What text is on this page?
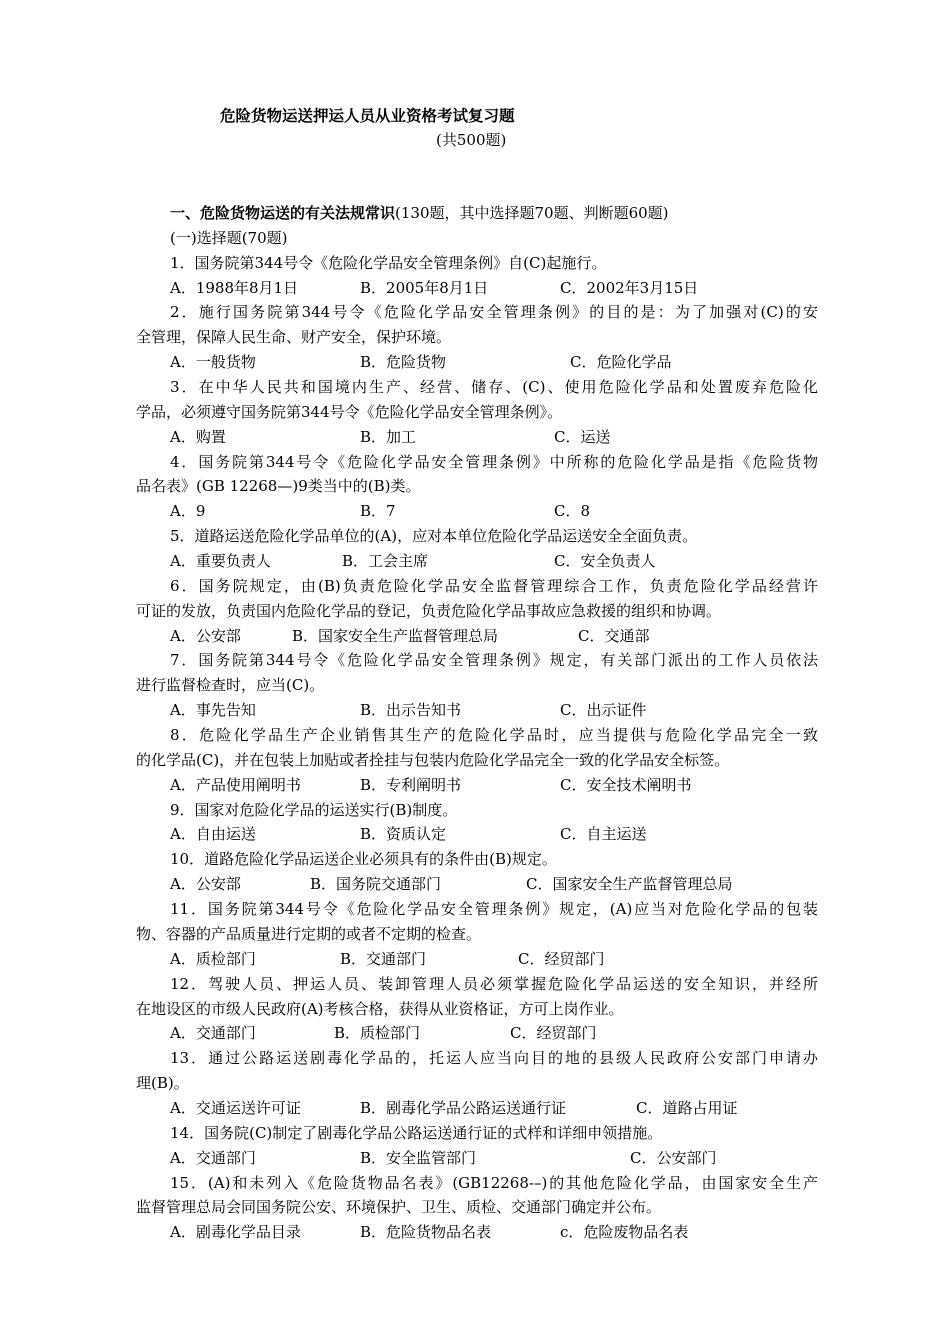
危险货物运送押运人员从业资格考试复习题
(共500题)
一、危险货物运送的有关法规常识(130题，其中选择题70题、判断题60题)
(一)选择题(70题)
1．国务院第344号令《危险化学品安全管理条例》自(C)起施行。
A．1988年8月1日	B．2005年8月1日	C．2002年3月15日
2．施行国务院第344号令《危险化学品安全管理条例》的目的是：为了加强对(C)的安
全管理，保障人民生命、财产安全，保护环境。
A．一般货物	B．危险货物	C．危险化学品
3．在中华人民共和国境内生产、经营、储存、(C)、使用危险化学品和处置废弃危险化
学品，必须遵守国务院第344号令《危险化学品安全管理条例》。
A．购置	B．加工	C．运送
4．国务院第344号令《危险化学品安全管理条例》中所称的危险化学品是指《危险货物
品名表》(GB 12268—)9类当中的(B)类。
A．9	B．7	C．8
5．道路运送危险化学品单位的(A)，应对本单位危险化学品运送安全全面负责。
A．重要负责人	B．工会主席	C．安全负责人
6．国务院规定，由(B)负责危险化学品安全监督管理综合工作，负责危险化学品经营许
可证的发放，负责国内危险化学品的登记，负责危险化学品事故应急救援的组织和协调。
A．公安部	B．国家安全生产监督管理总局	C．交通部
7．国务院第344号令《危险化学品安全管理条例》规定，有关部门派出的工作人员依法
进行监督检查时，应当(C)。
A．事先告知	B．出示告知书	C．出示证件
8．危险化学品生产企业销售其生产的危险化学品时，应当提供与危险化学品完全一致
的化学品(C)，并在包装上加贴或者拴挂与包装内危险化学品完全一致的化学品安全标签。
A．产品使用阐明书	B．专利阐明书	C．安全技术阐明书
9．国家对危险化学品的运送实行(B)制度。
A．自由运送	B．资质认定	C．自主运送
10．道路危险化学品运送企业必须具有的条件由(B)规定。
A．公安部	B．国务院交通部门	C．国家安全生产监督管理总局
11．国务院第344号令《危险化学品安全管理条例》规定，(A)应当对危险化学品的包装
物、容器的产品质量进行定期的或者不定期的检查。
A．质检部门	B．交通部门	C．经贸部门
12．驾驶人员、押运人员、装卸管理人员必须掌握危险化学品运送的安全知识，并经所
在地设区的市级人民政府(A)考核合格，获得从业资格证，方可上岗作业。
A．交通部门	B．质检部门	C．经贸部门
13．通过公路运送剧毒化学品的，托运人应当向目的地的县级人民政府公安部门申请办
理(B)。
A．交通运送许可证	B．剧毒化学品公路运送通行证	C．道路占用证
14．国务院(C)制定了剧毒化学品公路运送通行证的式样和详细申领措施。
A．交通部门	B．安全监管部门	C．公安部门
15．(A)和未列入《危险货物品名表》(GB12268-–)的其他危险化学品，由国家安全生产
监督管理总局会同国务院公安、环境保护、卫生、质检、交通部门确定并公布。
A．剧毒化学品目录	B．危险货物品名表	c．危险废物品名表
